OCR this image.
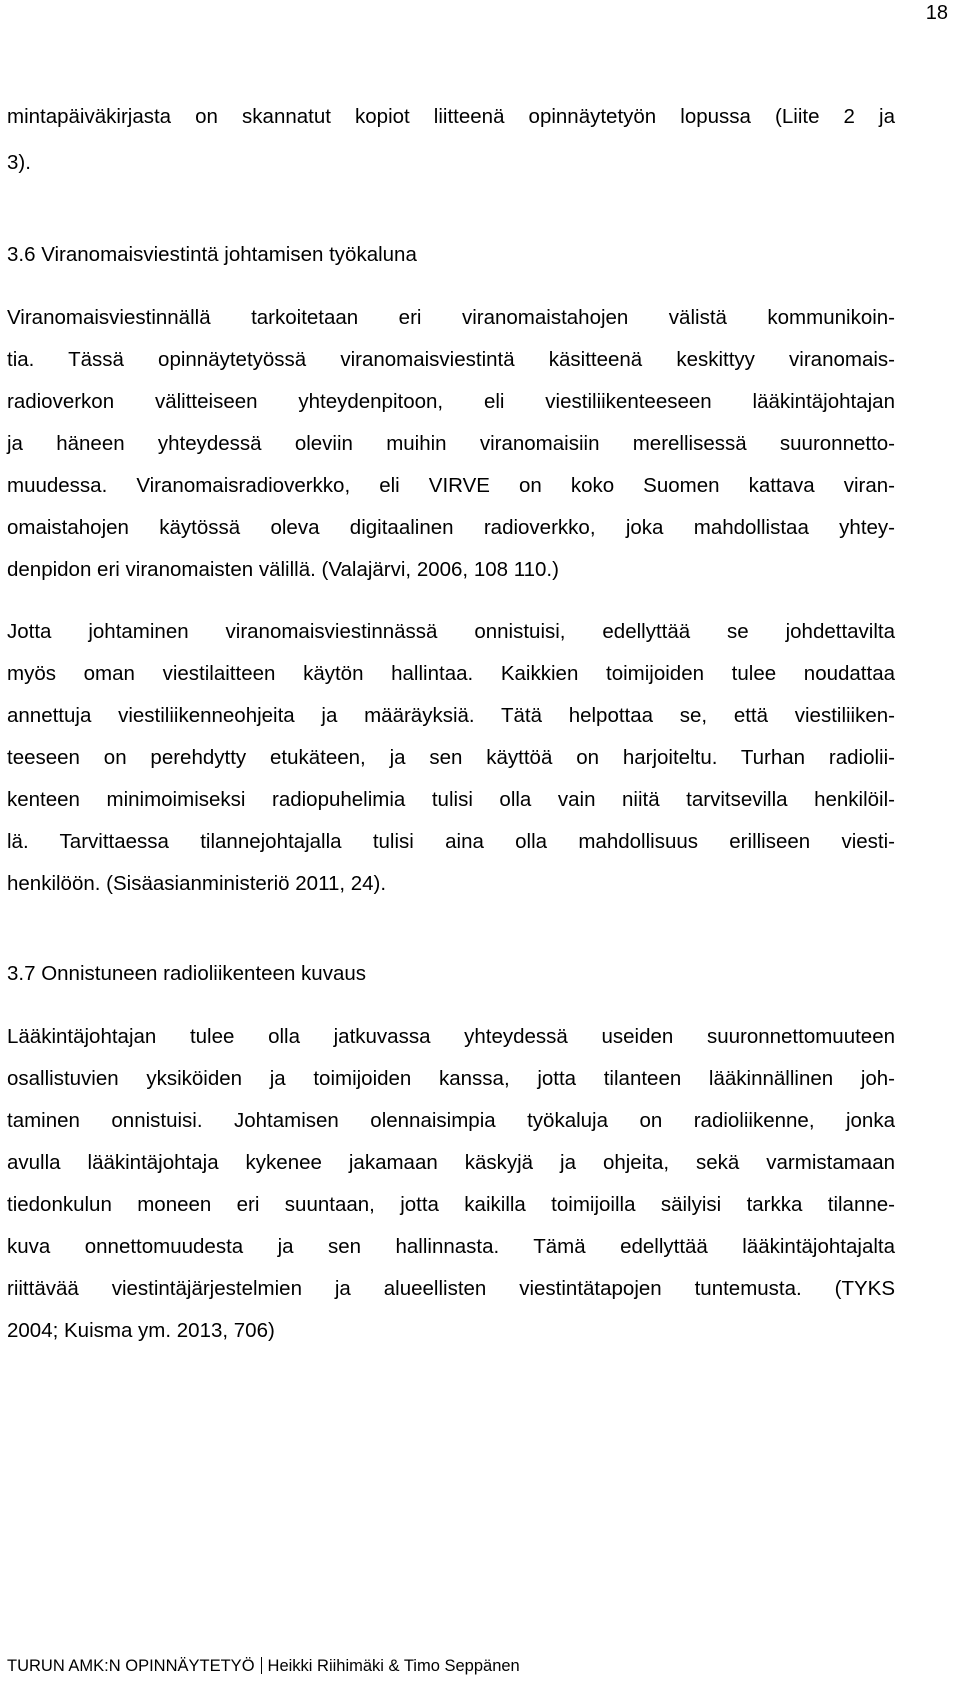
18
mintapäiväkirjasta on skannatut kopiot liitteenä opinnäytetyön lopussa (Liite 2 ja
3).
3.6 Viranomaisviestintä johtamisen työkaluna
Viranomaisviestinnällä tarkoitetaan eri viranomaistahojen välistä kommunikoin-
tia. Tässä opinnäytetyössä viranomaisviestintä käsitteenä keskittyy viranomais-
radioverkon välitteiseen yhteydenpitoon, eli viestiliikenteeseen lääkintäjohtajan
ja häneen yhteydessä oleviin muihin viranomaisiin merellisessä suuronnetto-
muudessa. Viranomaisradioverkko, eli VIRVE on koko Suomen kattava viran-
omaistahojen käytössä oleva digitaalinen radioverkko, joka mahdollistaa yhtey-
denpidon eri viranomaisten välillä. (Valajärvi, 2006, 108 110.)
Jotta johtaminen viranomaisviestinnässä onnistuisi, edellyttää se johdettavilta
myös oman viestilaitteen käytön hallintaa. Kaikkien toimijoiden tulee noudattaa
annettuja viestiliikenneohjeita ja määräyksiä. Tätä helpottaa se, että viestiliiken-
teeseen on perehdytty etukäteen, ja sen käyttöä on harjoiteltu. Turhan radiolii-
kenteen minimoimiseksi radiopuhelimia tulisi olla vain niitä tarvitsevilla henkilöil-
lä. Tarvittaessa tilannejohtajalla tulisi aina olla mahdollisuus erilliseen viesti-
henkilöön. (Sisäasianministeriö 2011, 24).
3.7 Onnistuneen radioliikenteen kuvaus
Lääkintäjohtajan tulee olla jatkuvassa yhteydessä useiden suuronnettomuuteen
osallistuvien yksiköiden ja toimijoiden kanssa, jotta tilanteen lääkinnällinen joh-
taminen onnistuisi. Johtamisen olennaisimpia työkaluja on radioliikenne, jonka
avulla lääkintäjohtaja kykenee jakamaan käskyjä ja ohjeita, sekä varmistamaan
tiedonkulun moneen eri suuntaan, jotta kaikilla toimijoilla säilyisi tarkka tilanne-
kuva onnettomuudesta ja sen hallinnasta. Tämä edellyttää lääkintäjohtajalta
riittävää viestintäjärjestelmien ja alueellisten viestintätapojen tuntemusta. (TYKS
2004; Kuisma ym. 2013, 706)
TURUN AMK:N OPINNÄYTETYÖ Heikki Riihimäki & Timo Seppänen
